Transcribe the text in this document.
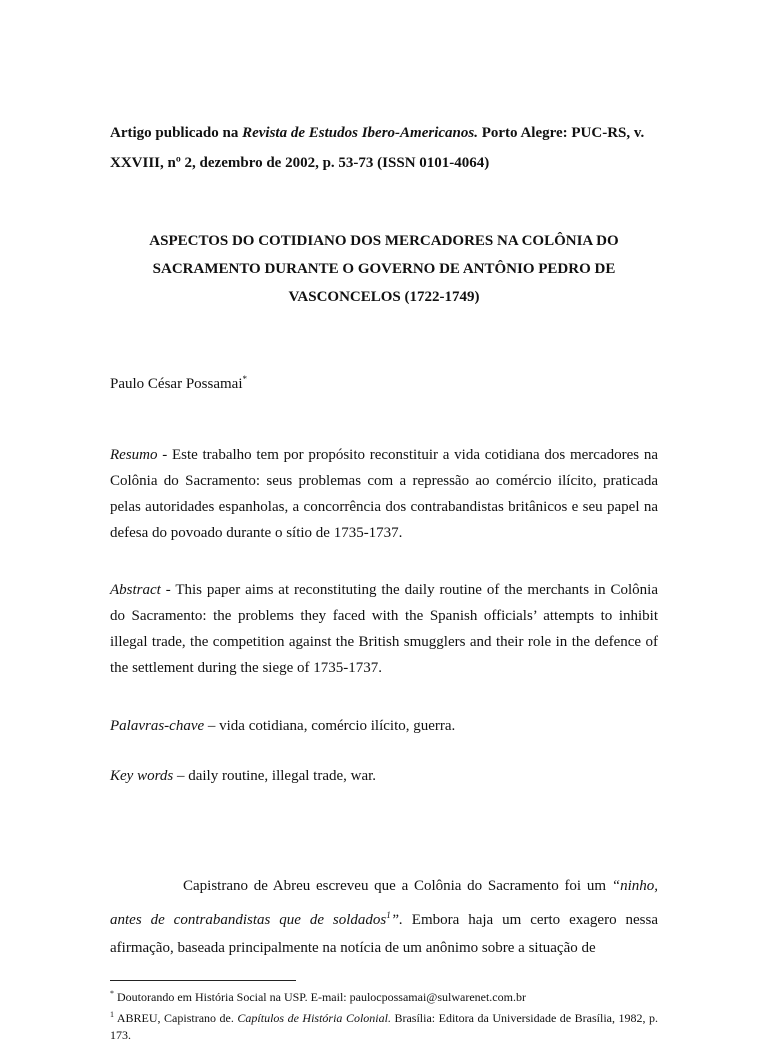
Artigo publicado na Revista de Estudos Ibero-Americanos. Porto Alegre: PUC-RS, v. XXVIII, nº 2, dezembro de 2002, p. 53-73 (ISSN 0101-4064)

ASPECTOS DO COTIDIANO DOS MERCADORES NA COLÔNIA DO SACRAMENTO DURANTE O GOVERNO DE ANTÔNIO PEDRO DE VASCONCELOS (1722-1749)

Paulo César Possamai*

Resumo - Este trabalho tem por propósito reconstituir a vida cotidiana dos mercadores na Colônia do Sacramento: seus problemas com a repressão ao comércio ilícito, praticada pelas autoridades espanholas, a concorrência dos contrabandistas britânicos e seu papel na defesa do povoado durante o sítio de 1735-1737.

Abstract - This paper aims at reconstituting the daily routine of the merchants in Colônia do Sacramento: the problems they faced with the Spanish officials’ attempts to inhibit illegal trade, the competition against the British smugglers and their role in the defence of the settlement during the siege of 1735-1737.

Palavras-chave – vida cotidiana, comércio ilícito, guerra.

Key words – daily routine, illegal trade, war.

Capistrano de Abreu escreveu que a Colônia do Sacramento foi um “ninho, antes de contrabandistas que de soldados$^1$”. Embora haja um certo exagero nessa afirmação, baseada principalmente na notícia de um anônimo sobre a situação de

* Doutorando em História Social na USP. E-mail: paulocpossamai@sulwarenet.com.br

$^1$ ABREU, Capistrano de. Capítulos de História Colonial. Brasília: Editora da Universidade de Brasília, 1982, p. 173.
